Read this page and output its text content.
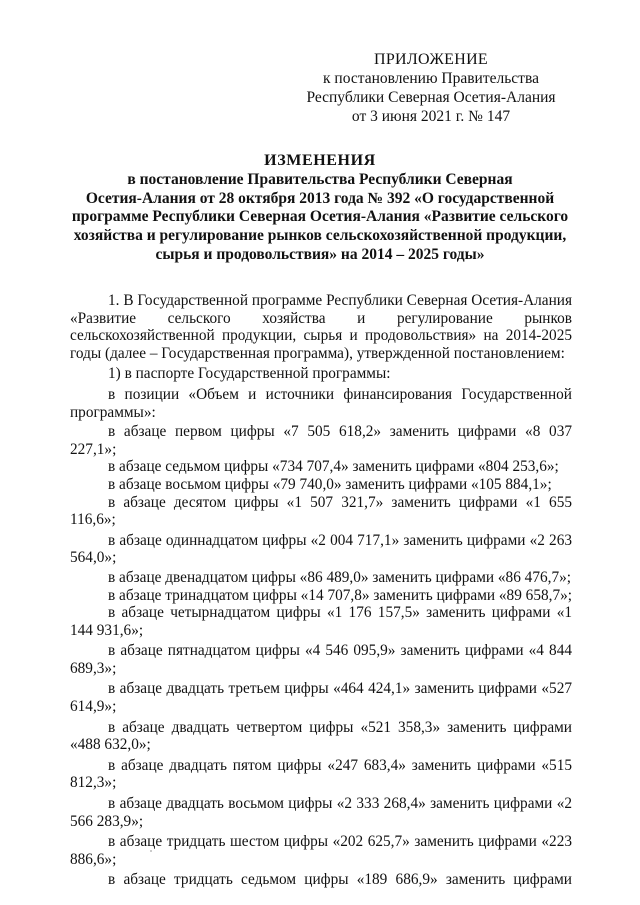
ПРИЛОЖЕНИЕ
к постановлению Правительства
Республики Северная Осетия-Алания
от 3 июня 2021 г. № 147
ИЗМЕНЕНИЯ
в постановление Правительства Республики Северная
Осетия-Алания от 28 октября 2013 года № 392 «О государственной
программе Республики Северная Осетия-Алания «Развитие сельского
хозяйства и регулирование рынков сельскохозяйственной продукции,
сырья и продовольствия» на 2014 – 2025 годы»

1. В Государственной программе Республики Северная Осетия-Алания «Развитие сельского хозяйства и регулирование рынков сельскохозяйственной продукции, сырья и продовольствия» на 2014-2025 годы (далее – Государственная программа), утвержденной постановлением:

1) в паспорте Государственной программы:

в позиции «Объем и источники финансирования Государственной программы»:

в абзаце первом цифры «7 505 618,2» заменить цифрами «8 037 227,1»;

в абзаце седьмом цифры «734 707,4» заменить цифрами «804 253,6»;

в абзаце восьмом цифры «79 740,0» заменить цифрами «105 884,1»;

в абзаце десятом цифры «1 507 321,7» заменить цифрами «1 655 116,6»;

в абзаце одиннадцатом цифры «2 004 717,1» заменить цифрами «2 263 564,0»;

в абзаце двенадцатом цифры «86 489,0» заменить цифрами «86 476,7»;

в абзаце тринадцатом цифры «14 707,8» заменить цифрами «89 658,7»;

в абзаце четырнадцатом цифры «1 176 157,5» заменить цифрами «1 144 931,6»;

в абзаце пятнадцатом цифры «4 546 095,9» заменить цифрами «4 844 689,3»;

в абзаце двадцать третьем цифры «464 424,1» заменить цифрами «527 614,9»;

в абзаце двадцать четвертом цифры «521 358,3» заменить цифрами «488 632,0»;

в абзаце двадцать пятом цифры «247 683,4» заменить цифрами «515 812,3»;

в абзаце двадцать восьмом цифры «2 333 268,4» заменить цифрами «2 566 283,9»;

в абзаце тридцать шестом цифры «202 625,7» заменить цифрами «223 886,6»;

в абзаце тридцать седьмом цифры «189 686,9» заменить цифрами
